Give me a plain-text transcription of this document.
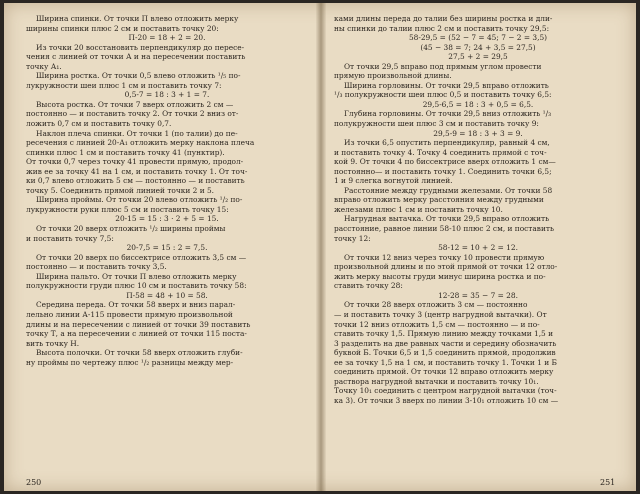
Ширина спинки. От точки П влево отложить мерку
ширины спинки плюс 2 см и поставить точку 20:
П-20 = 18 + 2 = 20.
Из точки 20 восстановить перпендикуляр до пересе-
чения с линией от точки А и на пересечении поставить
точку А₁.
Ширина ростка. От точки 0,5 влево отложить ¹/₅ по-
лукружности шеи плюс 1 см и поставить точку 7:
0,5-7 = 18 : 3 + 1 = 7.
Высота ростка. От точки 7 вверх отложить 2 см —
постоянно — и поставить точку 2. От точки 2 вниз от-
ложить 0,7 см и поставить точку 0,7.
Наклон плеча спинки. От точки 1 (по талии) до пе-
ресечения с линией 20-А₁ отложить мерку наклона плеча
спинки плюс 1 см и поставить точку 41 (пунктир).
От точки 0,7 через точку 41 провести прямую, продол-
жив ее за точку 41 на 1 см, и поставить точку 1. От точ-
ки 0,7 влево отложить 5 см — постоянно — и поставить
точку 5. Соединить прямой линией точки 2 и 5.
Ширина проймы. От точки 20 влево отложить ¹/₂ по-
лукружности руки плюс 5 см и поставить точку 15:
20-15 = 15 : 3 · 2 + 5 = 15.
От точки 20 вверх отложить ¹/₂ ширины проймы
и поставить точку 7,5:
20-7,5 = 15 : 2 = 7,5.
От точки 20 вверх по биссектрисе отложить 3,5 см —
постоянно — и поставить точку 3,5.
Ширина пальто. От точки П влево отложить мерку
полукружности груди плюс 10 см и поставить точку 58:
П-58 = 48 + 10 = 58.
Середина переда. От точки 58 вверх и вниз парал-
лельно линии А-115 провести прямую произвольной
длины и на пересечении с линией от точки 39 поставить
точку Т, а на пересечении с линией от точки 115 поста-
вить точку Н.
Высота полочки. От точки 58 вверх отложить глуби-
ну проймы по чертежу плюс ¹/₂ разницы между мер-
ками длины переда до талии без ширины ростка и дли-
ны спинки до талии плюс 2 см и поставить точку 29,5:
58-29,5 = (52 − 7 = 45; 7 − 2 = 3,5)
(45 − 38 = 7; 24 + 3,5 = 27,5)
27,5 + 2 = 29,5
От точки 29,5 вправо под прямым углом провести
прямую произвольной длины.
Ширина горловины. От точки 29,5 вправо отложить
¹/₃ полукружности шеи плюс 0,5 и поставить точку 6,5:
29,5-6,5 = 18 : 3 + 0,5 = 6,5.
Глубина горловины. От точки 29,5 вниз отложить ¹/₃
полукружности шеи плюс 3 см и поставить точку 9:
29,5-9 = 18 : 3 + 3 = 9.
Из точки 6,5 опустить перпендикуляр, равный 4 см,
и поставить точку 4. Точку 4 соединить прямой с точ-
кой 9. От точки 4 по биссектрисе вверх отложить 1 см—
постоянно— и поставить точку 1. Соединить точки 6,5;
1 и 9 слегка вогнутой линией.
Расстояние между грудными железами. От точки 58
вправо отложить мерку расстояния между грудными
железами плюс 1 см и поставить точку 10.
Нагрудная вытачка. От точки 29,5 вправо отложить
расстояние, равное линии 58-10 плюс 2 см, и поставить
точку 12:
58-12 = 10 + 2 = 12.
От точки 12 вниз через точку 10 провести прямую
произвольной длины и по этой прямой от точки 12 отло-
жить мерку высоты груди минус ширина ростка и по-
ставить точку 28:
12-28 = 35 − 7 = 28.
От точки 28 вверх отложить 3 см — постоянно
— и поставить точку 3 (центр нагрудной вытачки). От
точки 12 вниз отложить 1,5 см — постоянно — и по-
ставить точку 1,5. Прямую линию между точками 1,5 и
3 разделить на две равных части и середину обозначить
буквой Б. Точки 6,5 и 1,5 соединить прямой, продолжив
ее за точку 1,5 на 1 см, и поставить точку 1. Точки 1 и Б
соединить прямой. От точки 12 вправо отложить мерку
раствора нагрудной вытачки и поставить точку 10₁.
Точку 10₁ соединить с центром нагрудной вытачки (точ-
ка 3). От точки 3 вверх по линии 3-10₁ отложить 10 см —
250	251
